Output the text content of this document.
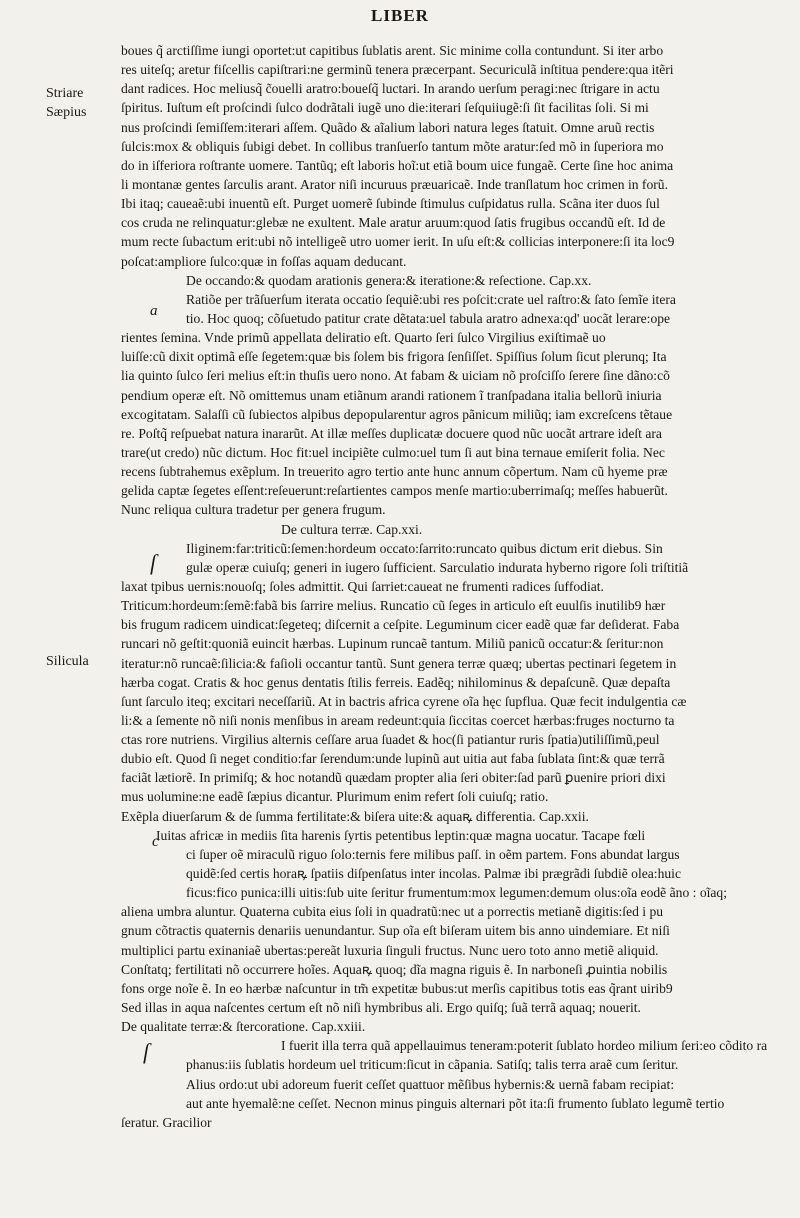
LIBER
Striare
Sæpius
Silicula
a
ſ
c
ſ
boues q̃ arctiſſime iungi oportet:ut capitibus ſublatis arent. Sic minime colla contundunt. Si iter arbo
res uiteſq; aretur fiſcellis capiſtrari:ne germinũ tenera præcerpant. Securiculã inſtitua pendere:qua itẽri
dant radices. Hoc meliusq̃ c̃ouelli aratro:boueſq̃ luctari. In arando uerſum peragi:nec ſtrigare in actu
ſpiritus. Iuſtum eſt proſcindi ſulco dodrãtali iugẽ uno die:iterari ſeſquiiugẽ:ſi ſit facilitas ſoli. Si mi
nus proſcindi ſemiſſem:iterari aſſem. Quãdo & aĩalium labori natura leges ſtatuit. Omne aruũ rectis
ſulcis:mox & obliquis ſubigi debet. In collibus tranſuerſo tantum mõte aratur:ſed mõ in ſuperiora mo
do in iſferiora roſtrante uomere. Tantũq; eſt laboris hoĩ:ut etiã boum uice fungaẽ. Certe ſine hoc anima
li montanæ gentes ſarculis arant. Arator niſi incuruus præuaricaẽ. Inde tranſlatum hoc crimen in forũ.
Ibi itaq; caueaẽ:ubi inuentũ eſt. Purget uomerẽ ſubinde ſtimulus cuſpidatus rulla. Scãna iter duos ſul
cos cruda ne relinquatur:glebæ ne exultent. Male aratur aruum:quod ſatis frugibus occandũ eſt. Id de
mum recte ſubactum erit:ubi nõ intelligeẽ utro uomer ierit. In uſu eſt:& collicias interponere:ſi ita loc9
poſcat:ampliore ſulco:quæ in foſſas aquam deducant.
De occando:& quodam arationis genera:& iteratione:& reſectione. Cap.xx.
Ratiõe per trãſuerſum iterata occatio ſequiẽ:ubi res poſcit:crate uel raſtro:& ſato ſemĩe itera
tio. Hoc quoq; cõſuetudo patitur crate dẽtata:uel tabula aratro adnexa:qd' uocãt lerare:ope
rientes ſemina. Vnde primũ appellata deliratio eſt. Quarto ſeri ſulco Virgilius exiſtimaẽ uo
luiſſe:cũ dixit optimã eſſe ſegetem:quæ bis ſolem bis frigora ſenſiſſet. Spiſſius ſolum ſicut plerunq; Ita
lia quinto ſulco ſeri melius eſt:in thuſis uero nono. At fabam & uiciam nõ proſciſſo ſerere ſine dãno:cõ
pendium operæ eſt. Nõ omittemus unam etiãnum arandi rationem ĩ tranſpadana italia bellorũ iniuria
excogitatam. Salaſſi cũ ſubiectos alpibus depopularentur agros pãnicum miliũq; iam excreſcens tẽtaue
re. Poſtq̃ reſpuebat natura inararũt. At illæ meſſes duplicatæ docuere quod nũc uocãt artrare ideſt ara
trare(ut credo) nũc dictum. Hoc fit:uel incipiẽte culmo:uel tum ſi aut bina ternaue emiſerit folia. Nec
recens ſubtrahemus exẽplum. In treuerito agro tertio ante hunc annum cõpertum. Nam cũ hyeme præ
gelida captæ ſegetes eſſent:reſeuerunt:reſartientes campos menſe martio:uberrimaſq; meſſes habuerũt.
Nunc reliqua cultura tradetur per genera frugum.
De cultura terræ. Cap.xxi.
Iliginem:far:triticũ:ſemen:hordeum occato:ſarrito:runcato quibus dictum erit diebus. Sin
gulæ operæ cuiuſq; generi in iugero ſufficient. Sarculatio indurata hyberno rigore ſoli triſtitiã
laxat tpibus uernis:nouoſq; ſoles admittit. Qui ſarriet:caueat ne frumenti radices ſuffodiat.
Triticum:hordeum:ſemẽ:fabã bis ſarrire melius. Runcatio cũ ſeges in articulo eſt euulſis inutilib9 hær
bis frugum radicem uindicat:ſegeteq; diſcernit a ceſpite. Leguminum cicer eadẽ quæ far deſiderat. Faba
runcari nõ geſtit:quoniã euincit hærbas. Lupinum runcaẽ tantum. Miliũ panicũ occatur:& ſeritur:non
iteratur:nõ runcaẽ:ſilicia:& faſioli occantur tantũ. Sunt genera terræ quæq; ubertas pectinari ſegetem in
hærba cogat. Cratis & hoc genus dentatis ſtilis ferreis. Eadẽq; nihilominus & depaſcunẽ. Quæ depaſta
ſunt ſarculo iteq; excitari neceſſariũ. At in bactris africa cyrene oĩa hęc ſupflua. Quæ fecit indulgentia cæ
li:& a ſemente nõ niſi nonis menſibus in aream redeunt:quia ſiccitas coercet hærbas:fruges nocturno ta
ctas rore nutriens. Virgilius alternis ceſſare arua ſuadet & hoc(ſi patiantur ruris ſpatia)utiliſſimũ,peul
dubio eſt. Quod ſi neget conditio:far ſerendum:unde lupinũ aut uitia aut faba ſublata ſint:& quæ terrã
faciãt lætiorẽ. In primiſq; & hoc notandũ quædam propter alia ſeri obiter:ſad parũ ꝑuenire priori dixi
mus uolumine:ne eadẽ ſæpius dicantur. Plurimum enim refert ſoli cuiuſq; ratio.
Exẽpla diuerſarum & de ſumma fertilitate:& biſera uite:& aquaꝶ differentia. Cap.xxii.
Iuitas africæ in mediis ſita harenis ſyrtis petentibus leptin:quæ magna uocatur. Tacape fœli
ci ſuper oẽ miraculũ riguo ſolo:ternis fere milibus paſſ. in oẽm partem. Fons abundat largus
quidẽ:ſed certis horaꝶ ſpatiis diſpenſatus inter incolas. Palmæ ibi prægrãdi ſubdiẽ olea:huic
ficus:fico punica:illi uitis:ſub uite ſeritur frumentum:mox legumen:demum olus:oĩa eodẽ ãno : oĩaq;
aliena umbra aluntur. Quaterna cubita eius ſoli in quadratũ:nec ut a porrectis metianẽ digitis:ſed i pu
gnum cõtractis quaternis denariis uenundantur. Sup oĩa eſt biſeram uitem bis anno uindemiare. Et niſi
multiplici partu exinaniaẽ ubertas:pereãt luxuria ſinguli fructus. Nunc uero toto anno metiẽ aliquid.
Conſtatq; fertilitati nõ occurrere hoĩes. Aquaꝶ quoq; dĩa magna riguis ẽ. In narboneſi ꝓuintia nobilis
fons orge noĩe ẽ. In eo hærbæ naſcuntur in tm̃ expetitæ bubus:ut merſis capitibus totis eas q̃rant uirib9
Sed illas in aqua naſcentes certum eſt nõ niſi hymbribus ali. Ergo quiſq; ſuã terrã aquaq; nouerit.
De qualitate terræ:& ſtercoratione. Cap.xxiii.
I fuerit illa terra quã appellauimus teneram:poterit ſublato hordeo milium ſeri:eo cõdito ra
phanus:iis ſublatis hordeum uel triticum:ſicut in cãpania. Satiſq; talis terra araẽ cum ſeritur.
Alius ordo:ut ubi adoreum fuerit ceſſet quattuor mẽſibus hybernis:& uernã fabam recipiat:
aut ante hyemalẽ:ne ceſſet. Necnon minus pinguis alternari põt ita:ſi frumento ſublato legumẽ tertio
ſeratur. Gracilior
